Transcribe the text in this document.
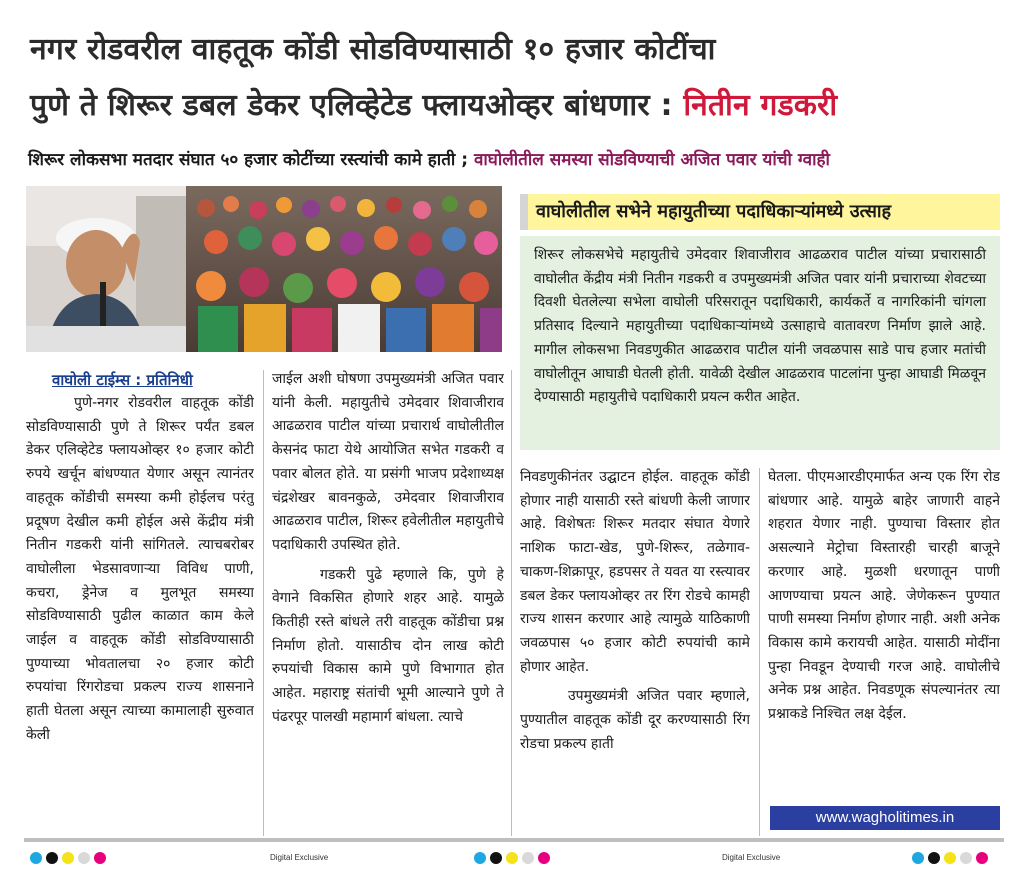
नगर रोडवरील वाहतूक कोंडी सोडविण्यासाठी १० हजार कोटींचा
पुणे ते शिरूर डबल डेकर एलिव्हेटेड फ्लायओव्हर बांधणार : नितीन गडकरी
शिरूर लोकसभा मतदार संघात ५० हजार कोटींच्या रस्त्यांची कामे हाती ; वाघोलीतील समस्या सोडविण्याची अजित पवार यांची ग्वाही
वाघोलीतील सभेने महायुतीच्या पदाधिकाऱ्यांमध्ये उत्साह
शिरूर लोकसभेचे महायुतीचे उमेदवार शिवाजीराव आढळराव पाटील यांच्या प्रचारासाठी वाघोलीत केंद्रीय मंत्री नितीन गडकरी व उपमुख्यमंत्री अजित पवार यांनी प्रचाराच्या शेवटच्या दिवशी घेतलेल्या सभेला वाघोली परिसरातून पदाधिकारी, कार्यकर्ते व नागरिकांनी चांगला प्रतिसाद दिल्याने महायुतीच्या पदाधिकाऱ्यांमध्ये उत्साहाचे वातावरण निर्माण झाले आहे. मागील लोकसभा निवडणुकीत आढळराव पाटील यांनी जवळपास साडे पाच हजार मतांची वाघोलीतून आघाडी घेतली होती. यावेळी देखील आढळराव पाटलांना पुन्हा आघाडी मिळवून देण्यासाठी महायुतीचे पदाधिकारी प्रयत्न करीत आहेत.
वाघोली टाईम्स : प्रतिनिधी

पुणे-नगर रोडवरील वाहतूक कोंडी सोडविण्यासाठी पुणे ते शिरूर पर्यंत डबल डेकर एलिव्हेटेड फ्लायओव्हर १० हजार कोटी रुपये खर्चून बांधण्यात येणार असून त्यानंतर वाहतूक कोंडीची समस्या कमी होईलच परंतु प्रदूषण देखील कमी होईल असे केंद्रीय मंत्री नितीन गडकरी यांनी सांगितले. त्याचबरोबर वाघोलीला भेडसावणाऱ्या विविध पाणी, कचरा, ड्रेनेज व मुलभूत समस्या सोडविण्यासाठी पुढील काळात काम केले जाईल व वाहतूक कोंडी सोडविण्यासाठी पुण्याच्या भोवतालचा २० हजार कोटी रुपयांचा रिंगरोडचा प्रकल्प राज्य शासनाने हाती घेतला असून त्याच्या कामालाही सुरुवात केली

जाईल अशी घोषणा उपमुख्यमंत्री अजित पवार यांनी केली. महायुतीचे उमेदवार शिवाजीराव आढळराव पाटील यांच्या प्रचारार्थ वाघोलीतील केसनंद फाटा येथे आयोजित सभेत गडकरी व पवार बोलत होते. या प्रसंगी भाजप प्रदेशाध्यक्ष चंद्रशेखर बावनकुळे, उमेदवार शिवाजीराव आढळराव पाटील, शिरूर हवेलीतील महायुतीचे पदाधिकारी उपस्थित होते.

गडकरी पुढे म्हणाले कि, पुणे हे वेगाने विकसित होणारे शहर आहे. यामुळे कितीही रस्ते बांधले तरी वाहतूक कोंडीचा प्रश्न निर्माण होतो. यासाठीच दोन लाख कोटी रुपयांची विकास कामे पुणे विभागात होत आहेत. महाराष्ट्र संतांची भूमी आल्याने पुणे ते पंढरपूर पालखी महामार्ग बांधला. त्याचे

निवडणुकीनंतर उद्घाटन होईल. वाहतूक कोंडी होणार नाही यासाठी रस्ते बांधणी केली जाणार आहे. विशेषतः शिरूर मतदार संघात येणारे नाशिक फाटा-खेड, पुणे-शिरूर, तळेगाव-चाकण-शिक्रापूर, हडपसर ते यवत या रस्त्यावर डबल डेकर फ्लायओव्हर तर रिंग रोडचे कामही राज्य शासन करणार आहे त्यामुळे याठिकाणी जवळपास ५० हजार कोटी रुपयांची कामे होणार आहेत.

उपमुख्यमंत्री अजित पवार म्हणाले, पुण्यातील वाहतूक कोंडी दूर करण्यासाठी रिंग रोडचा प्रकल्प हाती

घेतला. पीएमआरडीएमार्फत अन्य एक रिंग रोड बांधणार आहे. यामुळे बाहेर जाणारी वाहने शहरात येणार नाही. पुण्याचा विस्तार होत असल्याने मेट्रोचा विस्तारही चारही बाजूने करणार आहे. मुळशी धरणातून पाणी आणण्याचा प्रयत्न आहे. जेणेकरून पुण्यात पाणी समस्या निर्माण होणार नाही. अशी अनेक विकास कामे करायची आहेत. यासाठी मोदींना पुन्हा निवडून देण्याची गरज आहे. वाघोलीचे अनेक प्रश्न आहेत. निवडणूक संपल्यानंतर त्या प्रश्नाकडे निश्चित लक्ष देईल.

www.wagholitimes.in
Digital Exclusive	Digital Exclusive
